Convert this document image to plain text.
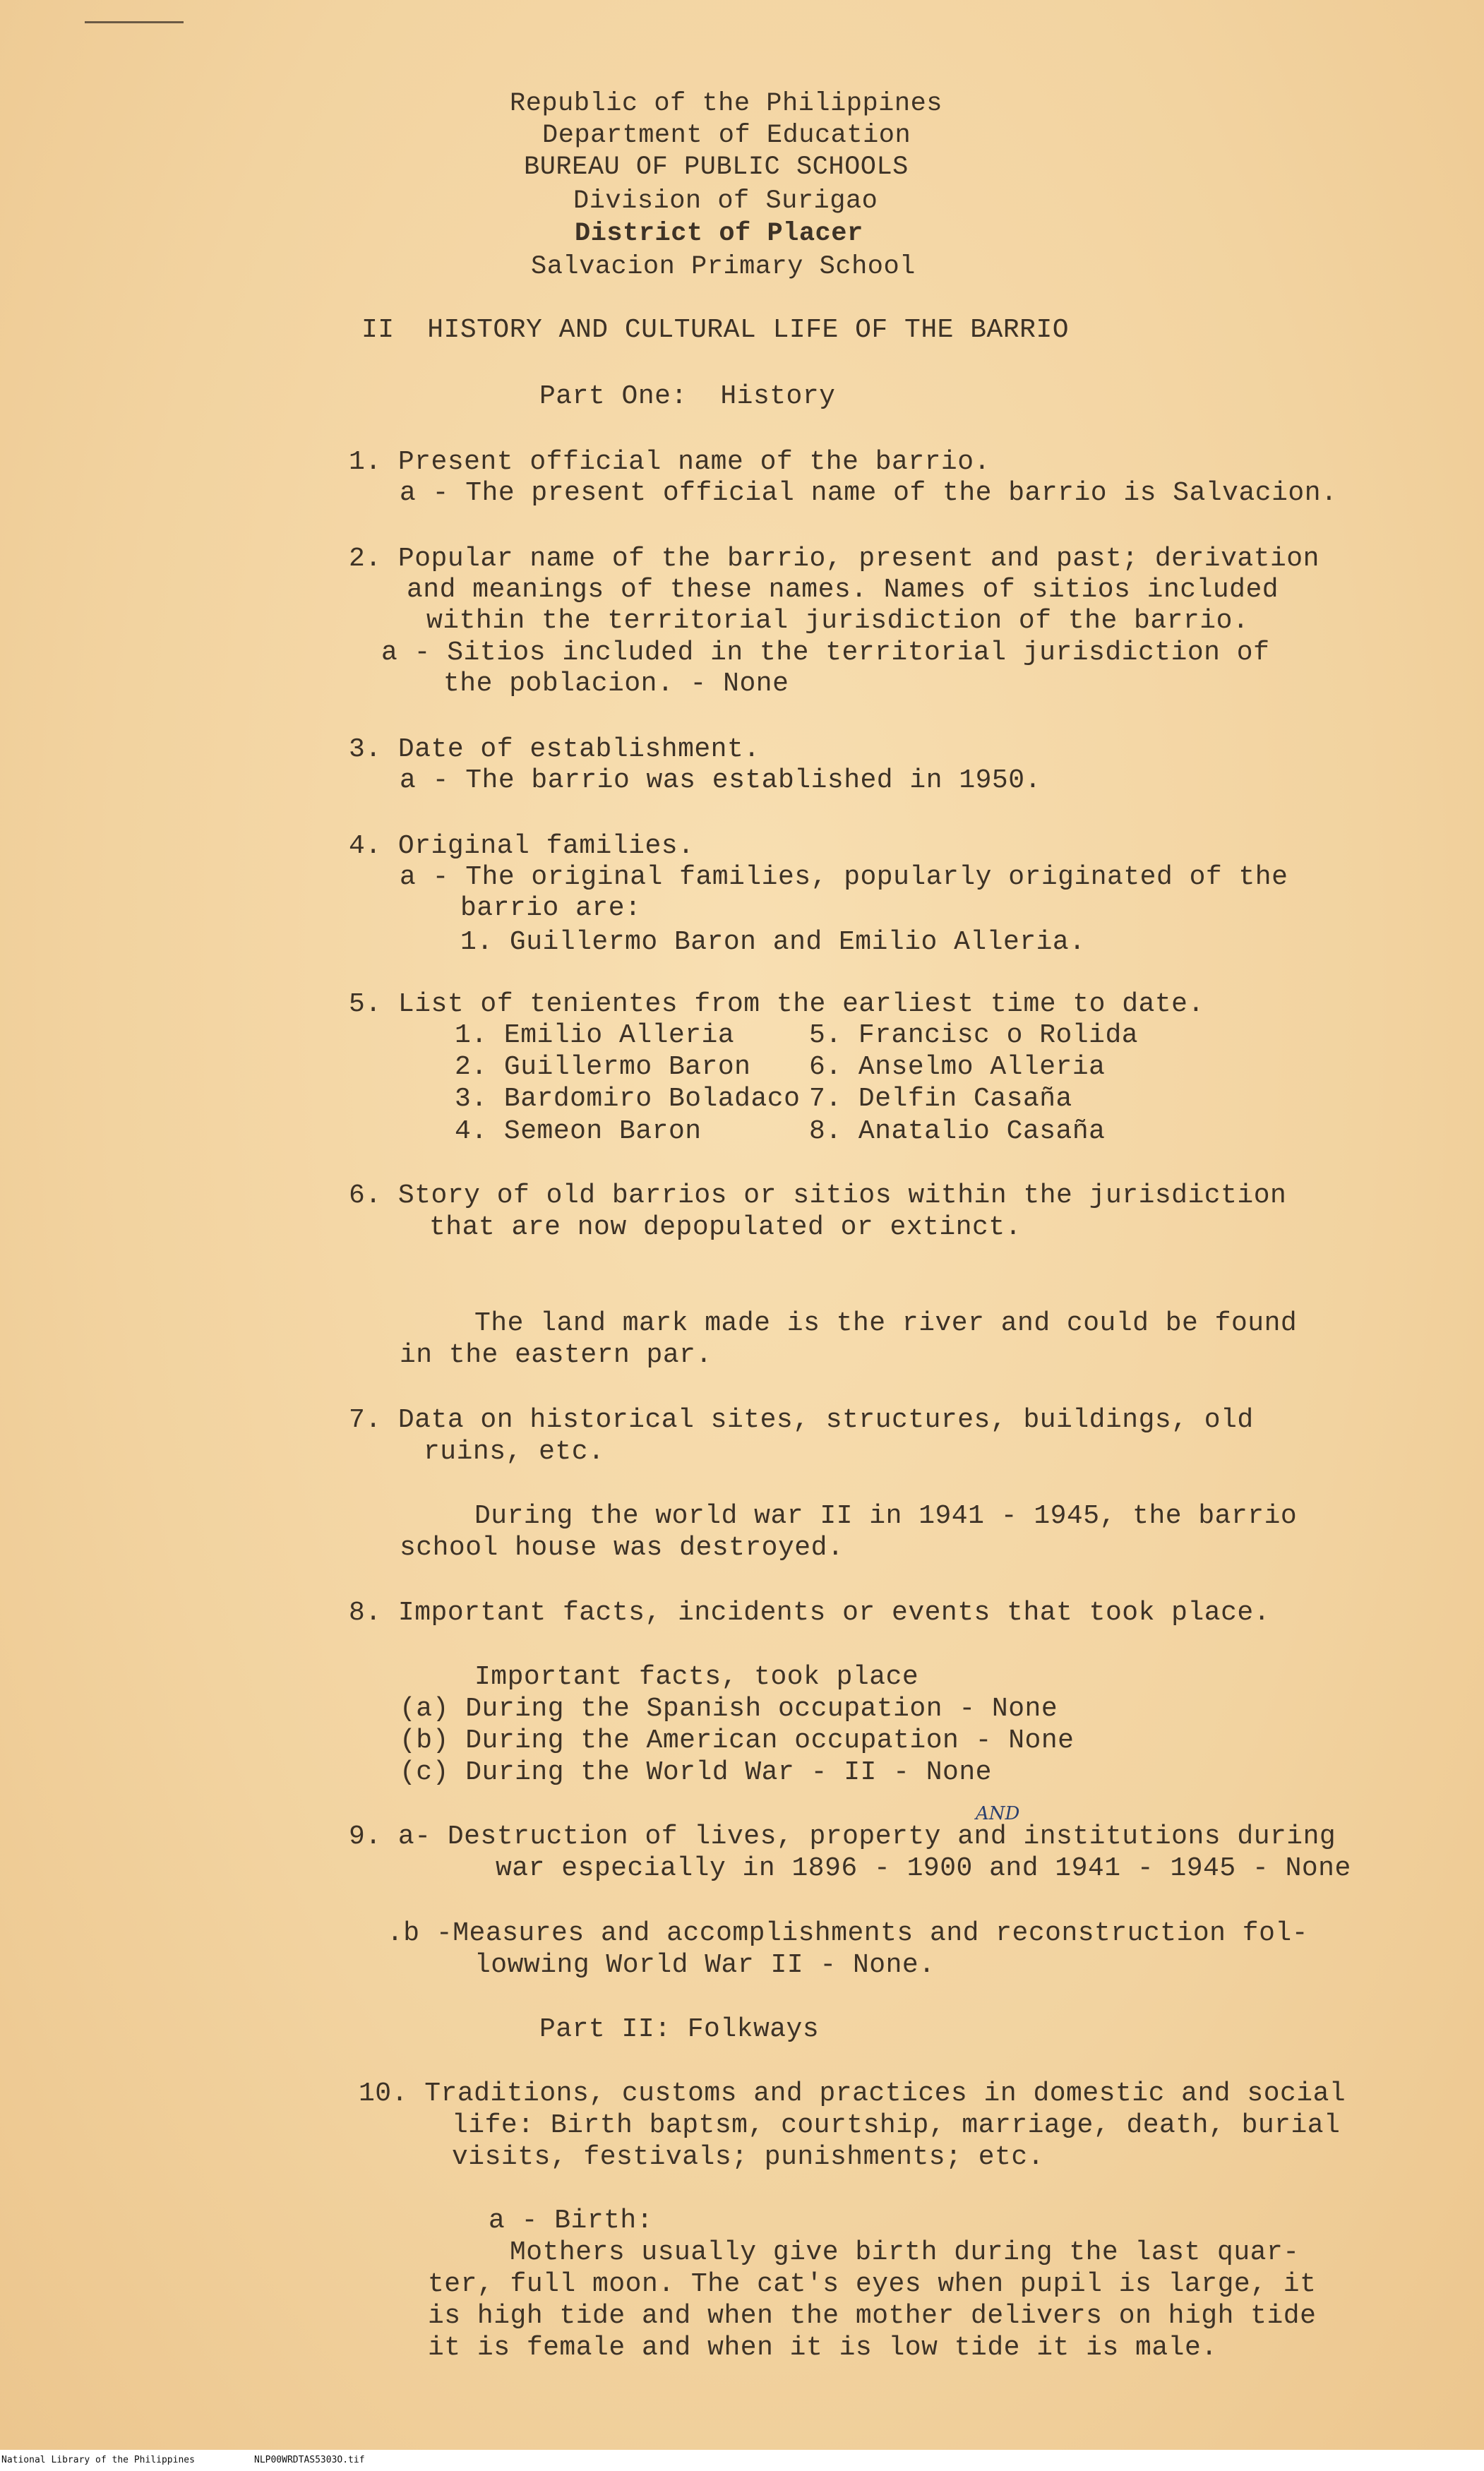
Republic of the Philippines
Department of Education
BUREAU OF PUBLIC SCHOOLS
Division of Surigao
District of Placer
Salvacion Primary School
II  HISTORY AND CULTURAL LIFE OF THE BARRIO
Part One:  History
1. Present official name of the barrio.
a - The present official name of the barrio is Salvacion.
2. Popular name of the barrio, present and past; derivation
and meanings of these names. Names of sitios included
within the territorial jurisdiction of the barrio.
a - Sitios included in the territorial jurisdiction of
the poblacion. - None
3. Date of establishment.
a - The barrio was established in 1950.
4. Original families.
a - The original families, popularly originated of the
barrio are:
1. Guillermo Baron and Emilio Alleria.
5. List of tenientes from the earliest time to date.
1. Emilio Alleria
2. Guillermo Baron
3. Bardomiro Boladaco
4. Semeon Baron
5. Francisc o Rolida
6. Anselmo Alleria
7. Delfin Casaña
8. Anatalio Casaña
6. Story of old barrios or sitios within the jurisdiction
that are now depopulated or extinct.
The land mark made is the river and could be found
in the eastern par.
7. Data on historical sites, structures, buildings, old
ruins, etc.
During the world war II in 1941 - 1945, the barrio
school house was destroyed.
8. Important facts, incidents or events that took place.
Important facts, took place
(a) During the Spanish occupation - None
(b) During the American occupation - None
(c) During the World War - II - None
AND
9. a- Destruction of lives, property and institutions during
war especially in 1896 - 1900 and 1941 - 1945 - None
.b -Measures and accomplishments and reconstruction fol-
lowwing World War II - None.
Part II: Folkways
10. Traditions, customs and practices in domestic and social
life: Birth baptsm, courtship, marriage, death, burial
visits, festivals; punishments; etc.
a - Birth:
Mothers usually give birth during the last quar-
ter, full moon. The cat's eyes when pupil is large, it
is high tide and when the mother delivers on high tide
it is female and when it is low tide it is male.
National Library of the Philippines	NLP00WRDTAS5303O.tif
